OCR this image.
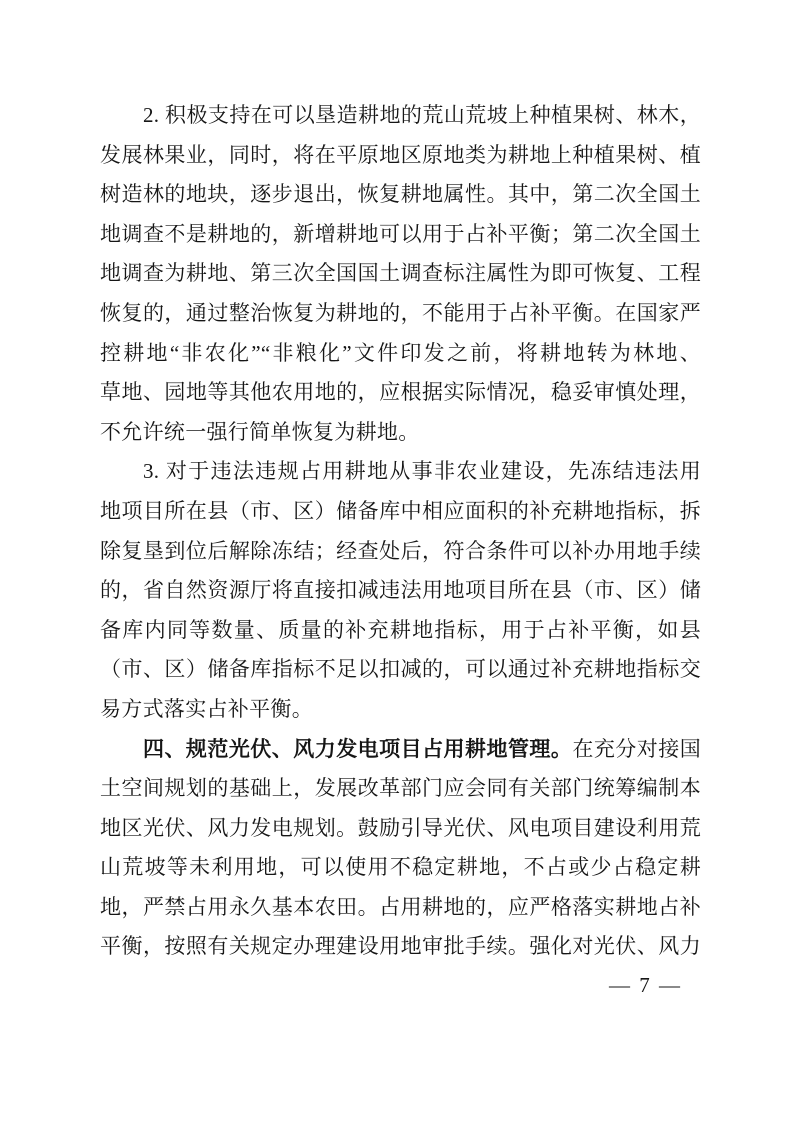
2. 积极支持在可以垦造耕地的荒山荒坡上种植果树、林木，
发展林果业，同时，将在平原地区原地类为耕地上种植果树、植
树造林的地块，逐步退出，恢复耕地属性。其中，第二次全国土
地调查不是耕地的，新增耕地可以用于占补平衡；第二次全国土
地调查为耕地、第三次全国国土调查标注属性为即可恢复、工程
恢复的，通过整治恢复为耕地的，不能用于占补平衡。在国家严
控耕地“非农化”“非粮化”文件印发之前，将耕地转为林地、
草地、园地等其他农用地的，应根据实际情况，稳妥审慎处理，
不允许统一强行简单恢复为耕地。
3. 对于违法违规占用耕地从事非农业建设，先冻结违法用
地项目所在县（市、区）储备库中相应面积的补充耕地指标，拆
除复垦到位后解除冻结；经查处后，符合条件可以补办用地手续
的，省自然资源厅将直接扣减违法用地项目所在县（市、区）储
备库内同等数量、质量的补充耕地指标，用于占补平衡，如县
（市、区）储备库指标不足以扣减的，可以通过补充耕地指标交
易方式落实占补平衡。
四、规范光伏、风力发电项目占用耕地管理。在充分对接国
土空间规划的基础上，发展改革部门应会同有关部门统筹编制本
地区光伏、风力发电规划。鼓励引导光伏、风电项目建设利用荒
山荒坡等未利用地，可以使用不稳定耕地，不占或少占稳定耕
地，严禁占用永久基本农田。占用耕地的，应严格落实耕地占补
平衡，按照有关规定办理建设用地审批手续。强化对光伏、风力
— 7 —
